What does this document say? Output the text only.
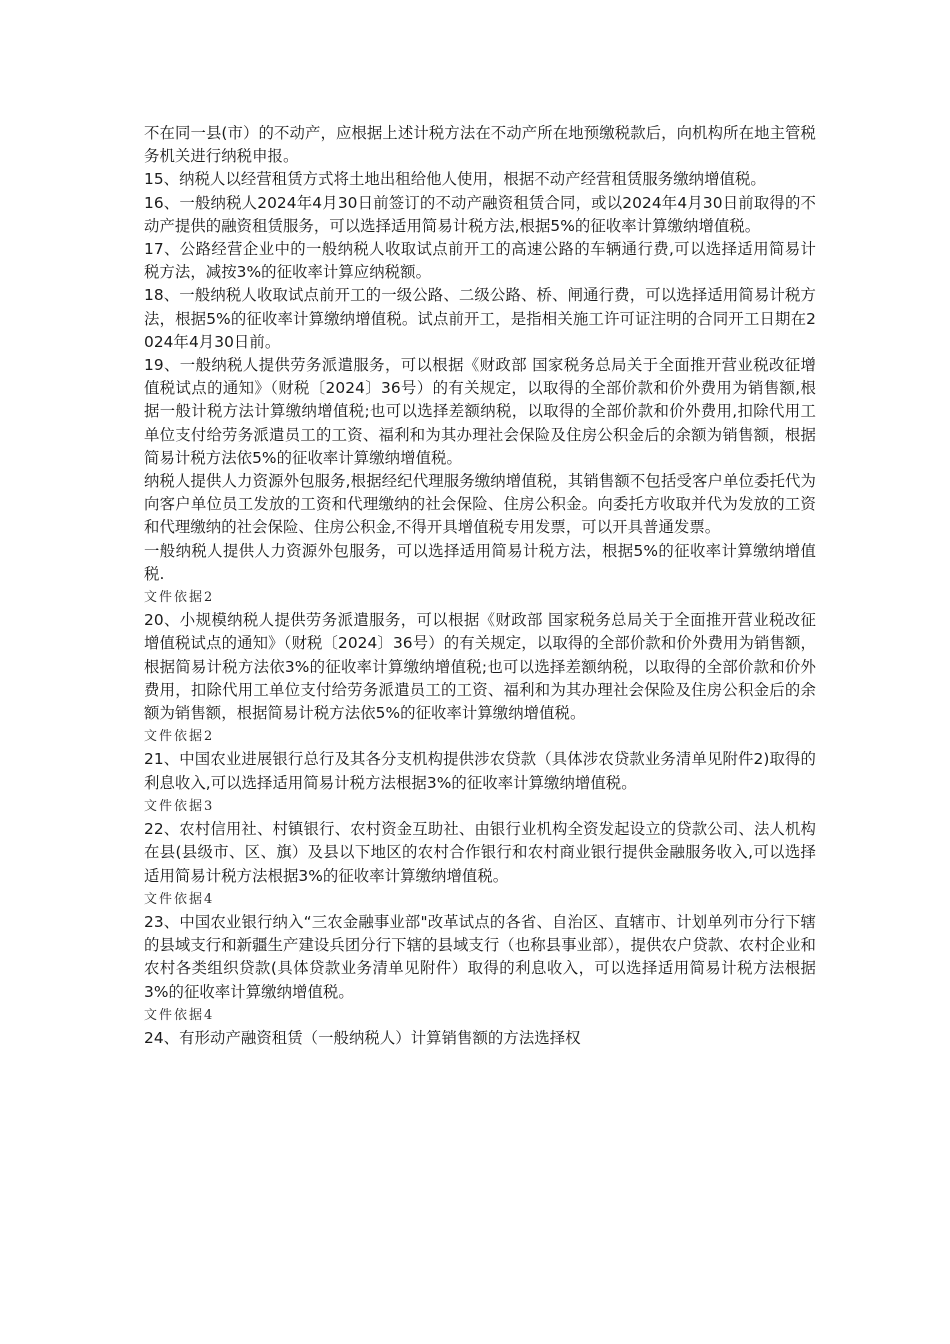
不在同一县(市）的不动产，应根据上述计税方法在不动产所在地预缴税款后，向机构所在地主管税务机关进行纳税申报。

15、纳税人以经营租赁方式将土地出租给他人使用，根据不动产经营租赁服务缴纳增值税。

16、一般纳税人2024年4月30日前签订的不动产融资租赁合同，或以2024年4月30日前取得的不动产提供的融资租赁服务，可以选择适用简易计税方法,根据5%的征收率计算缴纳增值税。

17、公路经营企业中的一般纳税人收取试点前开工的高速公路的车辆通行费,可以选择适用简易计税方法，减按3%的征收率计算应纳税额。

18、一般纳税人收取试点前开工的一级公路、二级公路、桥、闸通行费，可以选择适用简易计税方法，根据5%的征收率计算缴纳增值税。试点前开工，是指相关施工许可证注明的合同开工日期在2024年4月30日前。

19、一般纳税人提供劳务派遣服务，可以根据《财政部 国家税务总局关于全面推开营业税改征增值税试点的通知》（财税〔2024〕36号）的有关规定，以取得的全部价款和价外费用为销售额,根据一般计税方法计算缴纳增值税;也可以选择差额纳税，以取得的全部价款和价外费用,扣除代用工单位支付给劳务派遣员工的工资、福利和为其办理社会保险及住房公积金后的余额为销售额，根据简易计税方法依5%的征收率计算缴纳增值税。

纳税人提供人力资源外包服务,根据经纪代理服务缴纳增值税，其销售额不包括受客户单位委托代为向客户单位员工发放的工资和代理缴纳的社会保险、住房公积金。向委托方收取并代为发放的工资和代理缴纳的社会保险、住房公积金,不得开具增值税专用发票，可以开具普通发票。

一般纳税人提供人力资源外包服务，可以选择适用简易计税方法，根据5%的征收率计算缴纳增值税.

文件依据2

20、小规模纳税人提供劳务派遣服务，可以根据《财政部 国家税务总局关于全面推开营业税改征增值税试点的通知》（财税〔2024〕36号）的有关规定，以取得的全部价款和价外费用为销售额，根据简易计税方法依3%的征收率计算缴纳增值税;也可以选择差额纳税，以取得的全部价款和价外费用，扣除代用工单位支付给劳务派遣员工的工资、福利和为其办理社会保险及住房公积金后的余额为销售额，根据简易计税方法依5%的征收率计算缴纳增值税。

文件依据2

21、中国农业进展银行总行及其各分支机构提供涉农贷款（具体涉农贷款业务清单见附件2)取得的利息收入,可以选择适用简易计税方法根据3%的征收率计算缴纳增值税。

文件依据3

22、农村信用社、村镇银行、农村资金互助社、由银行业机构全资发起设立的贷款公司、法人机构在县(县级市、区、旗）及县以下地区的农村合作银行和农村商业银行提供金融服务收入,可以选择适用简易计税方法根据3%的征收率计算缴纳增值税。

文件依据4

23、中国农业银行纳入“三农金融事业部"改革试点的各省、自治区、直辖市、计划单列市分行下辖的县域支行和新疆生产建设兵团分行下辖的县域支行（也称县事业部），提供农户贷款、农村企业和农村各类组织贷款(具体贷款业务清单见附件）取得的利息收入，可以选择适用简易计税方法根据3%的征收率计算缴纳增值税。

文件依据4

24、有形动产融资租赁（一般纳税人）计算销售额的方法选择权
